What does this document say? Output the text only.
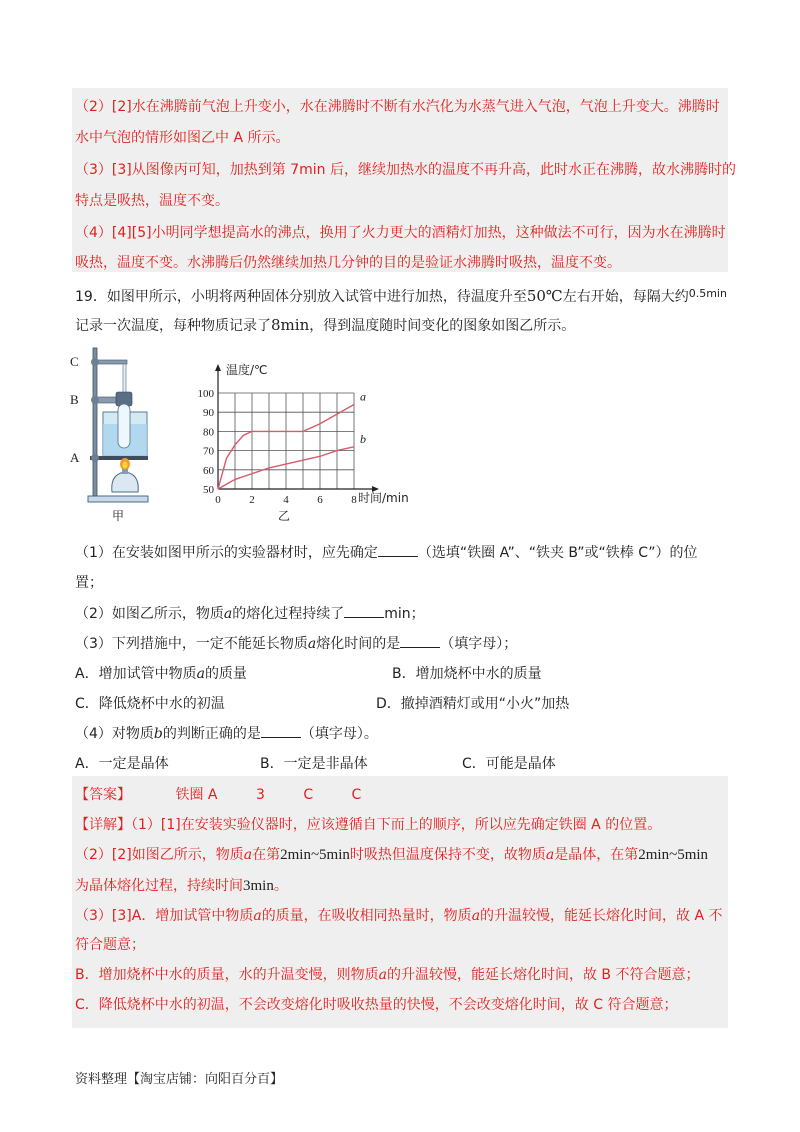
（2）[2]水在沸腾前气泡上升变小，水在沸腾时不断有水汽化为水蒸气进入气泡，气泡上升变大。沸腾时
水中气泡的情形如图乙中 A 所示。
（3）[3]从图像丙可知，加热到第 7min 后，继续加热水的温度不再升高，此时水正在沸腾，故水沸腾时的
特点是吸热，温度不变。
（4）[4][5]小明同学想提高水的沸点，换用了火力更大的酒精灯加热，这种做法不可行，因为水在沸腾时
吸热，温度不变。水沸腾后仍然继续加热几分钟的目的是验证水沸腾时吸热，温度不变。
19．如图甲所示，小明将两种固体分别放入试管中进行加热，待温度升至50℃左右开始，每隔大约$^{0.5min}$
记录一次温度，每种物质记录了8min，得到温度随时间变化的图象如图乙所示。
C
B
A
甲
50
60
70
80
90
100
0	2	4	6	8
a
b
温度/℃
时间/min
乙
（1）在安装如图甲所示的实验器材时，应先确定	（选填“铁圈 A”、“铁夹 B”或“铁棒 C”）的位
置；
（2）如图乙所示，物质a的熔化过程持续了	min；
（3）下列措施中，一定不能延长物质a熔化时间的是	（填字母）；
A．增加试管中物质a的质量	B．增加烧杯中水的质量
C．降低烧杯中水的初温	D．撤掉酒精灯或用“小火”加热
（4）对物质b的判断正确的是	（填字母）。
A．一定是晶体	B．一定是非晶体	C．可能是晶体
【答案】	铁圈 A	3	C	C
【详解】（1）[1]在安装实验仪器时，应该遵循自下而上的顺序，所以应先确定铁圈 A 的位置。
（2）[2]如图乙所示，物质a在第2min~5min时吸热但温度保持不变，故物质a是晶体，在第2min~5min
为晶体熔化过程，持续时间3min。
（3）[3]A．增加试管中物质a的质量，在吸收相同热量时，物质a的升温较慢，能延长熔化时间，故 A 不
符合题意；
B．增加烧杯中水的质量，水的升温变慢，则物质a的升温较慢，能延长熔化时间，故 B 不符合题意；
C．降低烧杯中水的初温，不会改变熔化时吸收热量的快慢，不会改变熔化时间，故 C 符合题意；
资料整理【淘宝店铺：向阳百分百】
